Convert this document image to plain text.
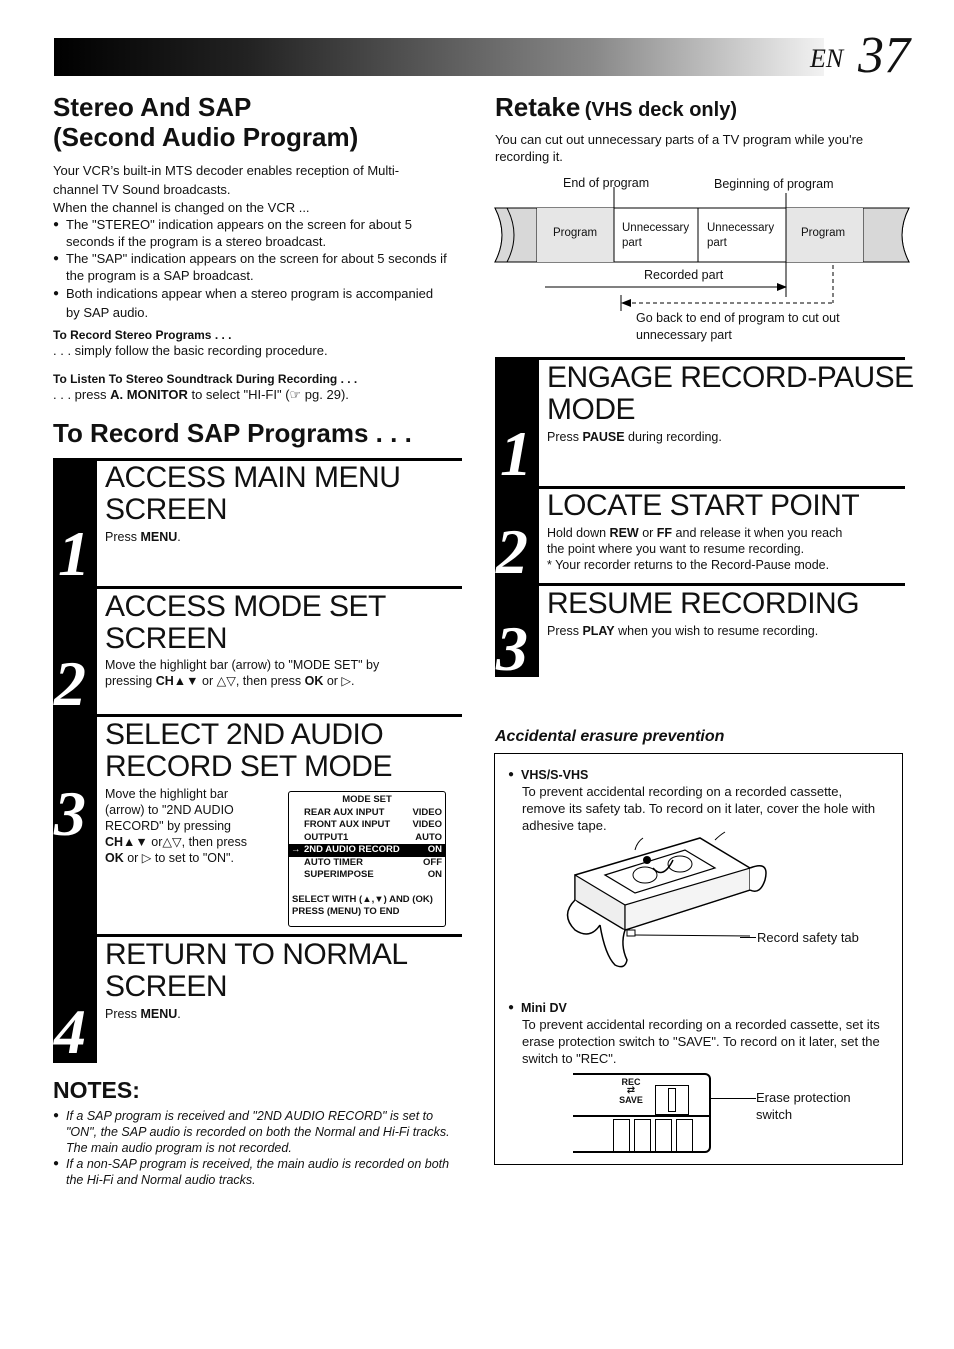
EN 37
Stereo And SAP
(Second Audio Program)
Your VCR’s built-in MTS decoder enables reception of Multi-
channel TV Sound broadcasts.
When the channel is changed on the VCR ...
● The "STEREO" indication appears on the screen for about 5 seconds if the program is a stereo broadcast.
● The "SAP" indication appears on the screen for about 5 seconds if the program is a SAP broadcast.
● Both indications appear when a stereo program is accompanied by SAP audio.
To Record Stereo Programs . . .
. . . simply follow the basic recording procedure.
To Listen To Stereo Soundtrack During Recording . . .
. . . press A. MONITOR to select "HI-FI" (☞ pg. 29).
To Record SAP Programs . . .
1
2
3
4
ACCESS MAIN MENU
SCREEN
Press MENU.
ACCESS MODE SET
SCREEN
Move the highlight bar (arrow) to "MODE SET" by
pressing CH▲▼ or △▽, then press OK or ▷.
SELECT 2ND AUDIO
RECORD SET MODE
Move the highlight bar
(arrow) to "2ND AUDIO
RECORD" by pressing
CH▲▼ or△▽, then press
OK or ▷ to set to "ON".
MODE SET
REAR AUX INPUT	VIDEO
FRONT AUX INPUT VIDEO
OUTPUT1	AUTO
→ 2ND AUDIO RECORD	ON
AUTO TIMER	OFF
SUPERIMPOSE	ON
SELECT WITH (▲,▼) AND (OK)
PRESS (MENU) TO END
RETURN TO NORMAL
SCREEN
Press MENU.
NOTES:
● If a SAP program is received and "2ND AUDIO RECORD" is set to "ON", the SAP audio is recorded on both the Normal and Hi-Fi tracks. The main audio program is not recorded.
● If a non-SAP program is received, the main audio is recorded on both the Hi-Fi and Normal audio tracks.
Retake (VHS deck only)
You can cut out unnecessary parts of a TV program while you're recording it.
End of program	Beginning of program
Program Unnecessary
part
Unnecessary
part
Program
Recorded part
Go back to end of program to cut out
unnecessary part
1
2
3
ENGAGE RECORD-PAUSE
MODE
Press PAUSE during recording.
LOCATE START POINT
Hold down REW or FF and release it when you reach
the point where you want to resume recording.
* Your recorder returns to the Record-Pause mode.
RESUME RECORDING
Press PLAY when you wish to resume recording.
Accidental erasure prevention
● VHS/S-VHS
To prevent accidental recording on a recorded cassette, remove its safety tab. To record on it later, cover the hole with adhesive tape.
Record safety tab
● Mini DV
To prevent accidental recording on a recorded cassette, set its erase protection switch to "SAVE". To record on it later, set the switch to "REC".
REC
⇄
SAVE	Erase protection
switch
